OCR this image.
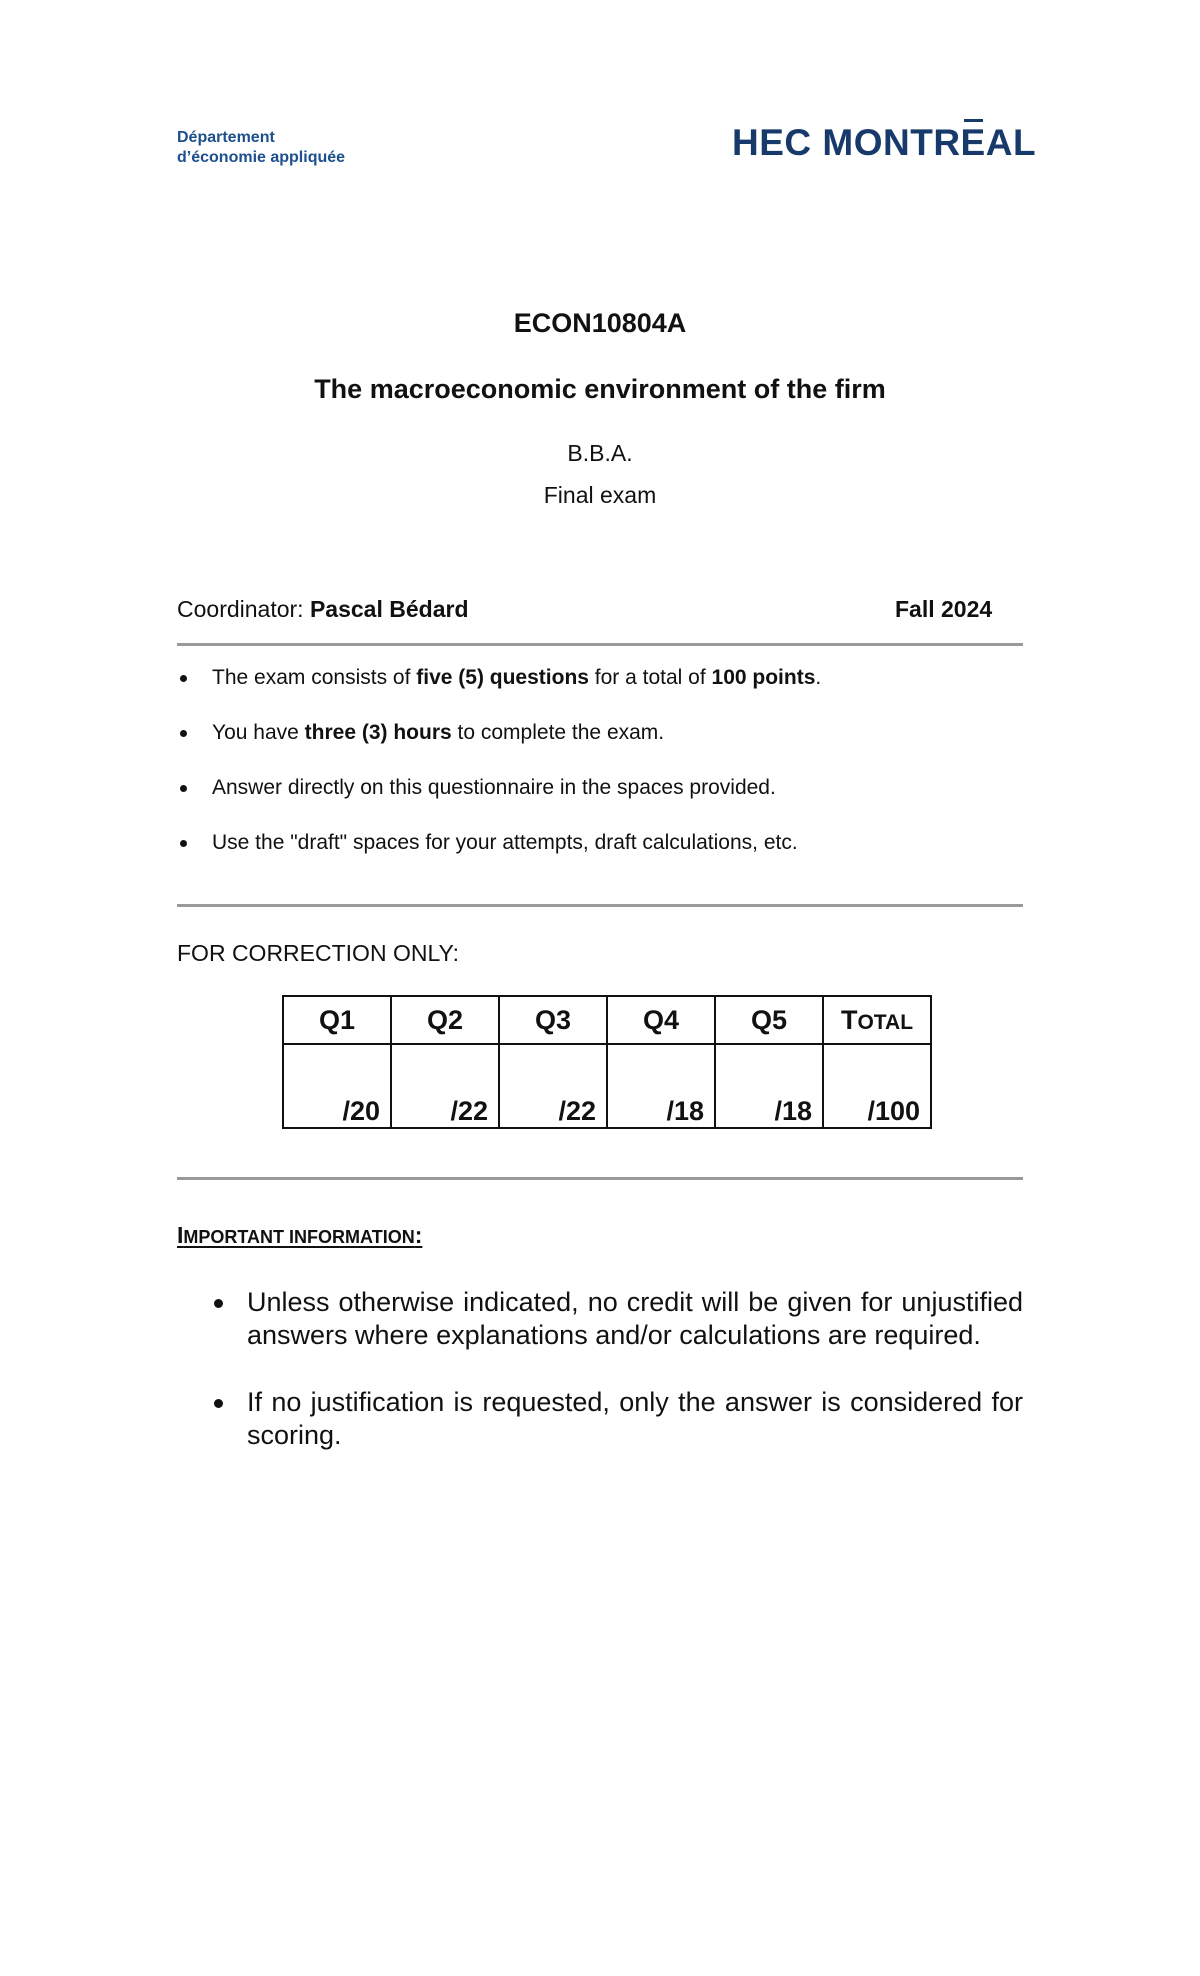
Département
d’économie appliquée	HEC MONTREAL
ECON10804A
The macroeconomic environment of the firm
B.B.A.
Final exam
Coordinator: Pascal Bédard	Fall 2024
The exam consists of five (5) questions for a total of 100 points.
You have three (3) hours to complete the exam.
Answer directly on this questionnaire in the spaces provided.
Use the "draft" spaces for your attempts, draft calculations, etc.
FOR CORRECTION ONLY:
Q1	Q2	Q3	Q4	Q5	TOTAL
/20	/22	/22	/18	/18	/100
IMPORTANT INFORMATION:
Unless otherwise indicated, no credit will be given for unjustified answers where explanations and/or calculations are required.
If no justification is requested, only the answer is considered for scoring.
